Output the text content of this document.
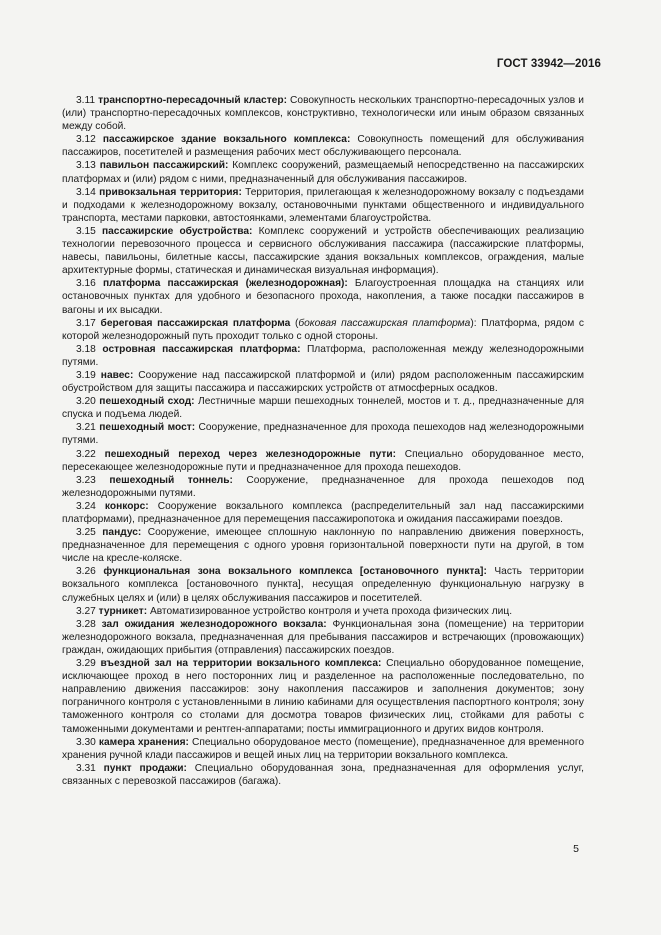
ГОСТ 33942—2016

3.11 транспортно-пересадочный кластер: Совокупность нескольких транспортно-пересадочных узлов и (или) транспортно-пересадочных комплексов, конструктивно, технологически или иным образом связанных между собой.

3.12 пассажирское здание вокзального комплекса: Совокупность помещений для обслуживания пассажиров, посетителей и размещения рабочих мест обслуживающего персонала.

3.13 павильон пассажирский: Комплекс сооружений, размещаемый непосредственно на пассажирских платформах и (или) рядом с ними, предназначенный для обслуживания пассажиров.

3.14 привокзальная территория: Территория, прилегающая к железнодорожному вокзалу с подъездами и подходами к железнодорожному вокзалу, остановочными пунктами общественного и индивидуального транспорта, местами парковки, автостоянками, элементами благоустройства.

3.15 пассажирские обустройства: Комплекс сооружений и устройств обеспечивающих реализацию технологии перевозочного процесса и сервисного обслуживания пассажира (пассажирские платформы, навесы, павильоны, билетные кассы, пассажирские здания вокзальных комплексов, ограждения, малые архитектурные формы, статическая и динамическая визуальная информация).

3.16 платформа пассажирская (железнодорожная): Благоустроенная площадка на станциях или остановочных пунктах для удобного и безопасного прохода, накопления, а также посадки пассажиров в вагоны и их высадки.

3.17 береговая пассажирская платформа (боковая пассажирская платформа): Платформа, рядом с которой железнодорожный путь проходит только с одной стороны.

3.18 островная пассажирская платформа: Платформа, расположенная между железнодорожными путями.

3.19 навес: Сооружение над пассажирской платформой и (или) рядом расположенным пассажирским обустройством для защиты пассажира и пассажирских устройств от атмосферных осадков.

3.20 пешеходный сход: Лестничные марши пешеходных тоннелей, мостов и т. д., предназначенные для спуска и подъема людей.

3.21 пешеходный мост: Сооружение, предназначенное для прохода пешеходов над железнодорожными путями.

3.22 пешеходный переход через железнодорожные пути: Специально оборудованное место, пересекающее железнодорожные пути и предназначенное для прохода пешеходов.

3.23 пешеходный тоннель: Сооружение, предназначенное для прохода пешеходов под железнодорожными путями.

3.24 конкорс: Сооружение вокзального комплекса (распределительный зал над пассажирскими платформами), предназначенное для перемещения пассажиропотока и ожидания пассажирами поездов.

3.25 пандус: Сооружение, имеющее сплошную наклонную по направлению движения поверхность, предназначенное для перемещения с одного уровня горизонтальной поверхности пути на другой, в том числе на кресле-коляске.

3.26 функциональная зона вокзального комплекса [остановочного пункта]: Часть территории вокзального комплекса [остановочного пункта], несущая определенную функциональную нагрузку в служебных целях и (или) в целях обслуживания пассажиров и посетителей.

3.27 турникет: Автоматизированное устройство контроля и учета прохода физических лиц.

3.28 зал ожидания железнодорожного вокзала: Функциональная зона (помещение) на территории железнодорожного вокзала, предназначенная для пребывания пассажиров и встречающих (провожающих) граждан, ожидающих прибытия (отправления) пассажирских поездов.

3.29 въездной зал на территории вокзального комплекса: Специально оборудованное помещение, исключающее проход в него посторонних лиц и разделенное на расположенные последовательно, по направлению движения пассажиров: зону накопления пассажиров и заполнения документов; зону пограничного контроля с установленными в линию кабинами для осуществления паспортного контроля; зону таможенного контроля со столами для досмотра товаров физических лиц, стойками для работы с таможенными документами и рентген-аппаратами; посты иммиграционного и других видов контроля.

3.30 камера хранения: Специально оборудованое место (помещение), предназначенное для временного хранения ручной клади пассажиров и вещей иных лиц на территории вокзального комплекса.

3.31 пункт продажи: Специально оборудованная зона, предназначенная для оформления услуг, связанных с перевозкой пассажиров (багажа).

5
